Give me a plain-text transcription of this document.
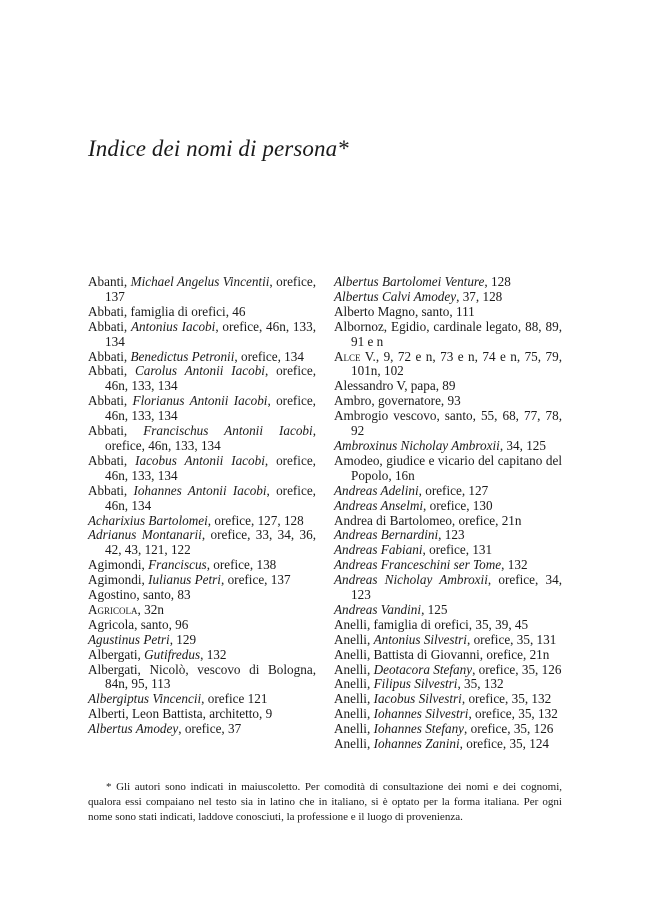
Indice dei nomi di persona*
Abanti, Michael Angelus Vincentii, orefice, 137
Abbati, famiglia di orefici, 46
Abbati, Antonius Iacobi, orefice, 46n, 133, 134
Abbati, Benedictus Petronii, orefice, 134
Abbati, Carolus Antonii Iacobi, orefice, 46n, 133, 134
Abbati, Florianus Antonii Iacobi, orefice, 46n, 133, 134
Abbati, Francischus Antonii Iacobi, orefice, 46n, 133, 134
Abbati, Iacobus Antonii Iacobi, orefice, 46n, 133, 134
Abbati, Iohannes Antonii Iacobi, orefice, 46n, 134
Acharixius Bartolomei, orefice, 127, 128
Adrianus Montanarii, orefice, 33, 34, 36, 42, 43, 121, 122
Agimondi, Franciscus, orefice, 138
Agimondi, Iulianus Petri, orefice, 137
Agostino, santo, 83
Agricola, 32n
Agricola, santo, 96
Agustinus Petri, 129
Albergati, Gutifredus, 132
Albergati, Nicolò, vescovo di Bologna, 84n, 95, 113
Albergiptus Vincencii, orefice 121
Alberti, Leon Battista, architetto, 9
Albertus Amodey, orefice, 37
Albertus Bartolomei Venture, 128
Albertus Calvi Amodey, 37, 128
Alberto Magno, santo, 111
Albornoz, Egidio, cardinale legato, 88, 89, 91 e n
Alce V., 9, 72 e n, 73 e n, 74 e n, 75, 79, 101n, 102
Alessandro V, papa, 89
Ambro, governatore, 93
Ambrogio vescovo, santo, 55, 68, 77, 78, 92
Ambroxinus Nicholay Ambroxii, 34, 125
Amodeo, giudice e vicario del capitano del Popolo, 16n
Andreas Adelini, orefice, 127
Andreas Anselmi, orefice, 130
Andrea di Bartolomeo, orefice, 21n
Andreas Bernardini, 123
Andreas Fabiani, orefice, 131
Andreas Franceschini ser Tome, 132
Andreas Nicholay Ambroxii, orefice, 34, 123
Andreas Vandini, 125
Anelli, famiglia di orefici, 35, 39, 45
Anelli, Antonius Silvestri, orefice, 35, 131
Anelli, Battista di Giovanni, orefice, 21n
Anelli, Deotacora Stefany, orefice, 35, 126
Anelli, Filipus Silvestri, 35, 132
Anelli, Iacobus Silvestri, orefice, 35, 132
Anelli, Iohannes Silvestri, orefice, 35, 132
Anelli, Iohannes Stefany, orefice, 35, 126
Anelli, Iohannes Zanini, orefice, 35, 124

* Gli autori sono indicati in maiuscoletto. Per comodità di consultazione dei nomi e dei cognomi, qualora essi compaiano nel testo sia in latino che in italiano, si è optato per la forma italiana. Per ogni nome sono stati indicati, laddove conosciuti, la professione e il luogo di provenienza.
